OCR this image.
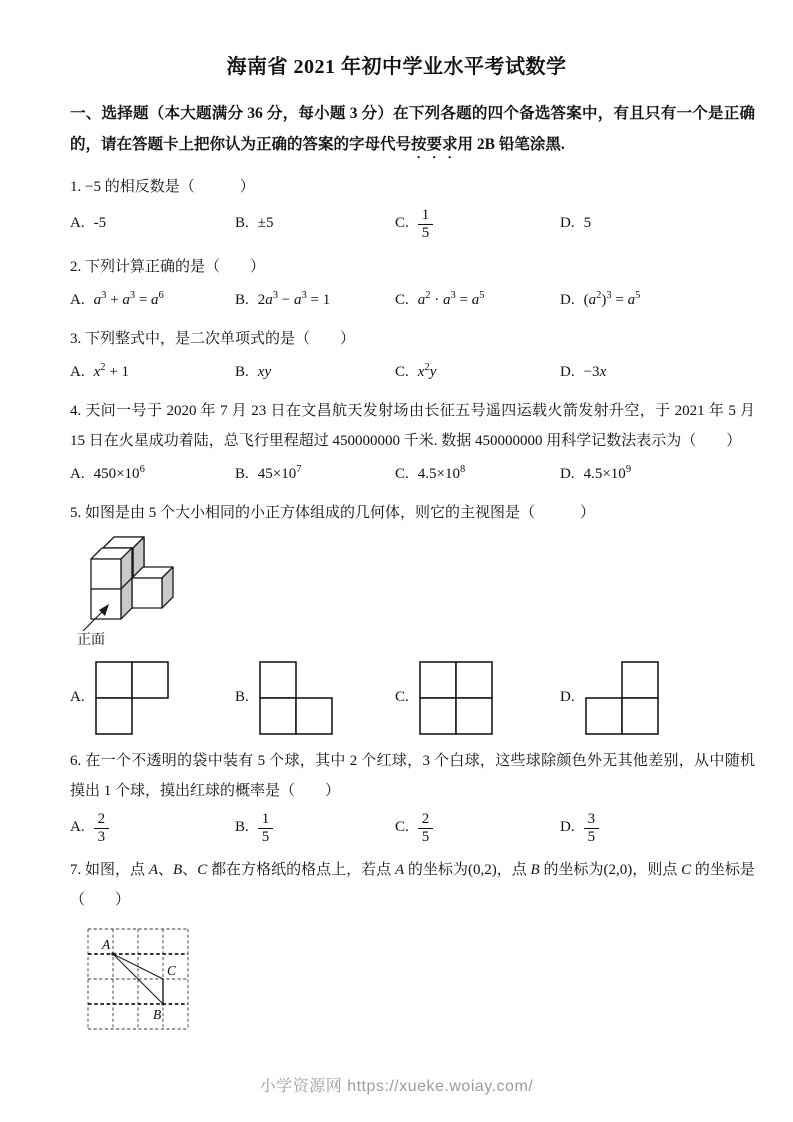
海南省 2021 年初中学业水平考试数学

一、选择题（本大题满分 36 分，每小题 3 分）在下列各题的四个备选答案中，有且只有一个是正确的，请在答题卡上把你认为正确的答案的字母代号按要求用 2B 铅笔涂黑.

1. −5 的相反数是（　　　）

A. -5	B. ±5	C. $\frac{1}{5}$	D. 5

2. 下列计算正确的是（　　）

A. $a^3 + a^3 = a^6$	B. $2a^3 - a^3 = 1$	C. $a^2 \cdot a^3 = a^5$	D. $(a^2)^3 = a^5$

3. 下列整式中，是二次单项式的是（　　）

A. $x^2 + 1$	B. xy	C. $x^2y$	D. −3x

4. 天问一号于 2020 年 7 月 23 日在文昌航天发射场由长征五号遥四运载火箭发射升空，于 2021 年 5 月 15 日在火星成功着陆，总飞行里程超过 450000000 千米. 数据 450000000 用科学记数法表示为（　　）

A. $450\times 10^6$	B. $45\times 10^7$	C. $4.5\times 10^8$	D. $4.5\times 10^9$

5. 如图是由 5 个大小相同的小正方体组成的几何体，则它的主视图是（　　　）

正面
A.	B.	C.	D.

6. 在一个不透明的袋中装有 5 个球，其中 2 个红球，3 个白球，这些球除颜色外无其他差别，从中随机摸出 1 个球，摸出红球的概率是（　　）

A. $\frac{2}{3}$	B. $\frac{1}{5}$	C. $\frac{2}{5}$	D. $\frac{3}{5}$

7. 如图，点 A、B、C 都在方格纸的格点上，若点 A 的坐标为(0,2)，点 B 的坐标为(2,0)，则点 C 的坐标是（　　）

A
C
B
小学资源网 https://xueke.woiay.com/
